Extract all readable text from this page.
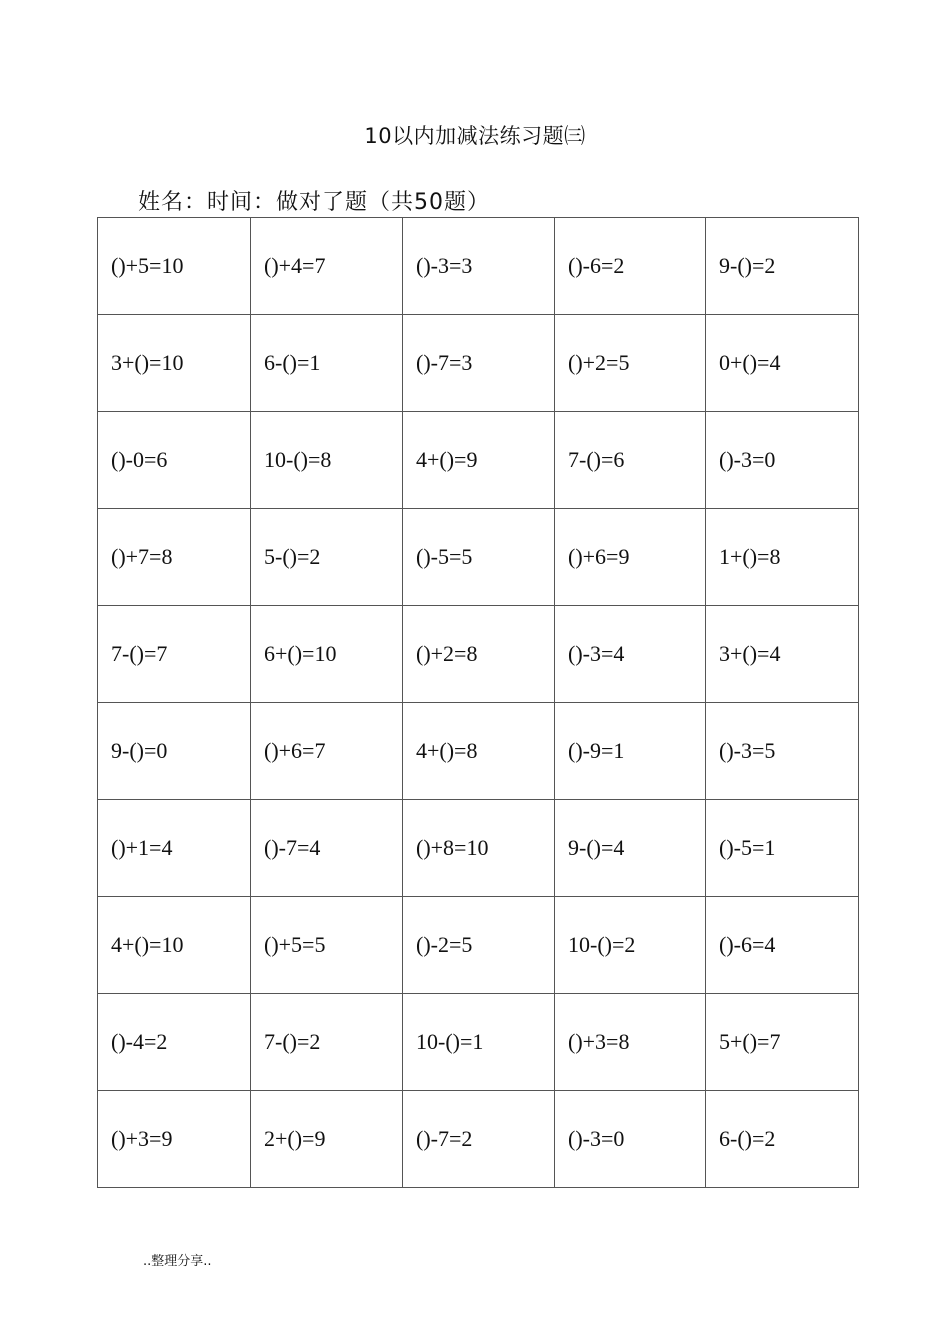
10以内加减法练习题㈢
姓名：时间：做对了题（共50题）
()+5=10	()+4=7	()-3=3	()-6=2	9-()=2
3+()=10	6-()=1	()-7=3	()+2=5	0+()=4
()-0=6	10-()=8	4+()=9	7-()=6	()-3=0
()+7=8	5-()=2	()-5=5	()+6=9	1+()=8
7-()=7	6+()=10	()+2=8	()-3=4	3+()=4
9-()=0	()+6=7	4+()=8	()-9=1	()-3=5
()+1=4	()-7=4	()+8=10	9-()=4	()-5=1
4+()=10	()+5=5	()-2=5	10-()=2	()-6=4
()-4=2	7-()=2	10-()=1	()+3=8	5+()=7
()+3=9	2+()=9	()-7=2	()-3=0	6-()=2
..整理分享..
